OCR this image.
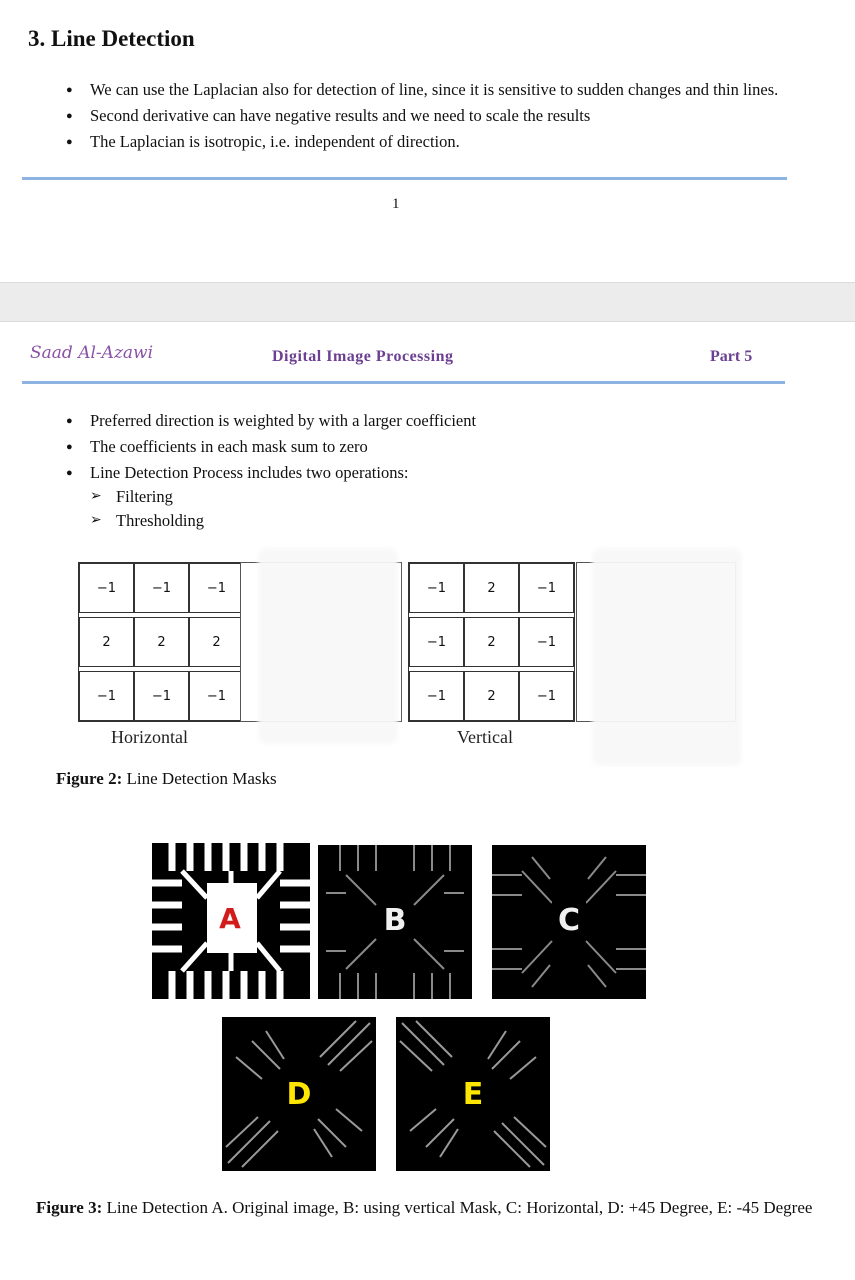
3. Line Detection
● We can use the Laplacian also for detection of line, since it is sensitive to sudden changes and thin lines.
● Second derivative can have negative results and we need to scale the results
● The Laplacian is isotropic, i.e. independent of direction.
1
Saad Al-Azawi	Digital Image Processing	Part 5
● Preferred direction is weighted by with a larger coefficient
● The coefficients in each mask sum to zero
● Line Detection Process includes two operations:
➢ Filtering
➢ Thresholding
−1	−1	−1

2	2	2

−1	−1	−1
−1	2	−1

−1	2	−1

−1	2	−1
Horizontal	Vertical
Figure 2: Line Detection Masks
A	B	C
D	E
Figure 3: Line Detection A. Original image, B: using vertical Mask, C: Horizontal, D: +45 Degree, E: -45 Degree
